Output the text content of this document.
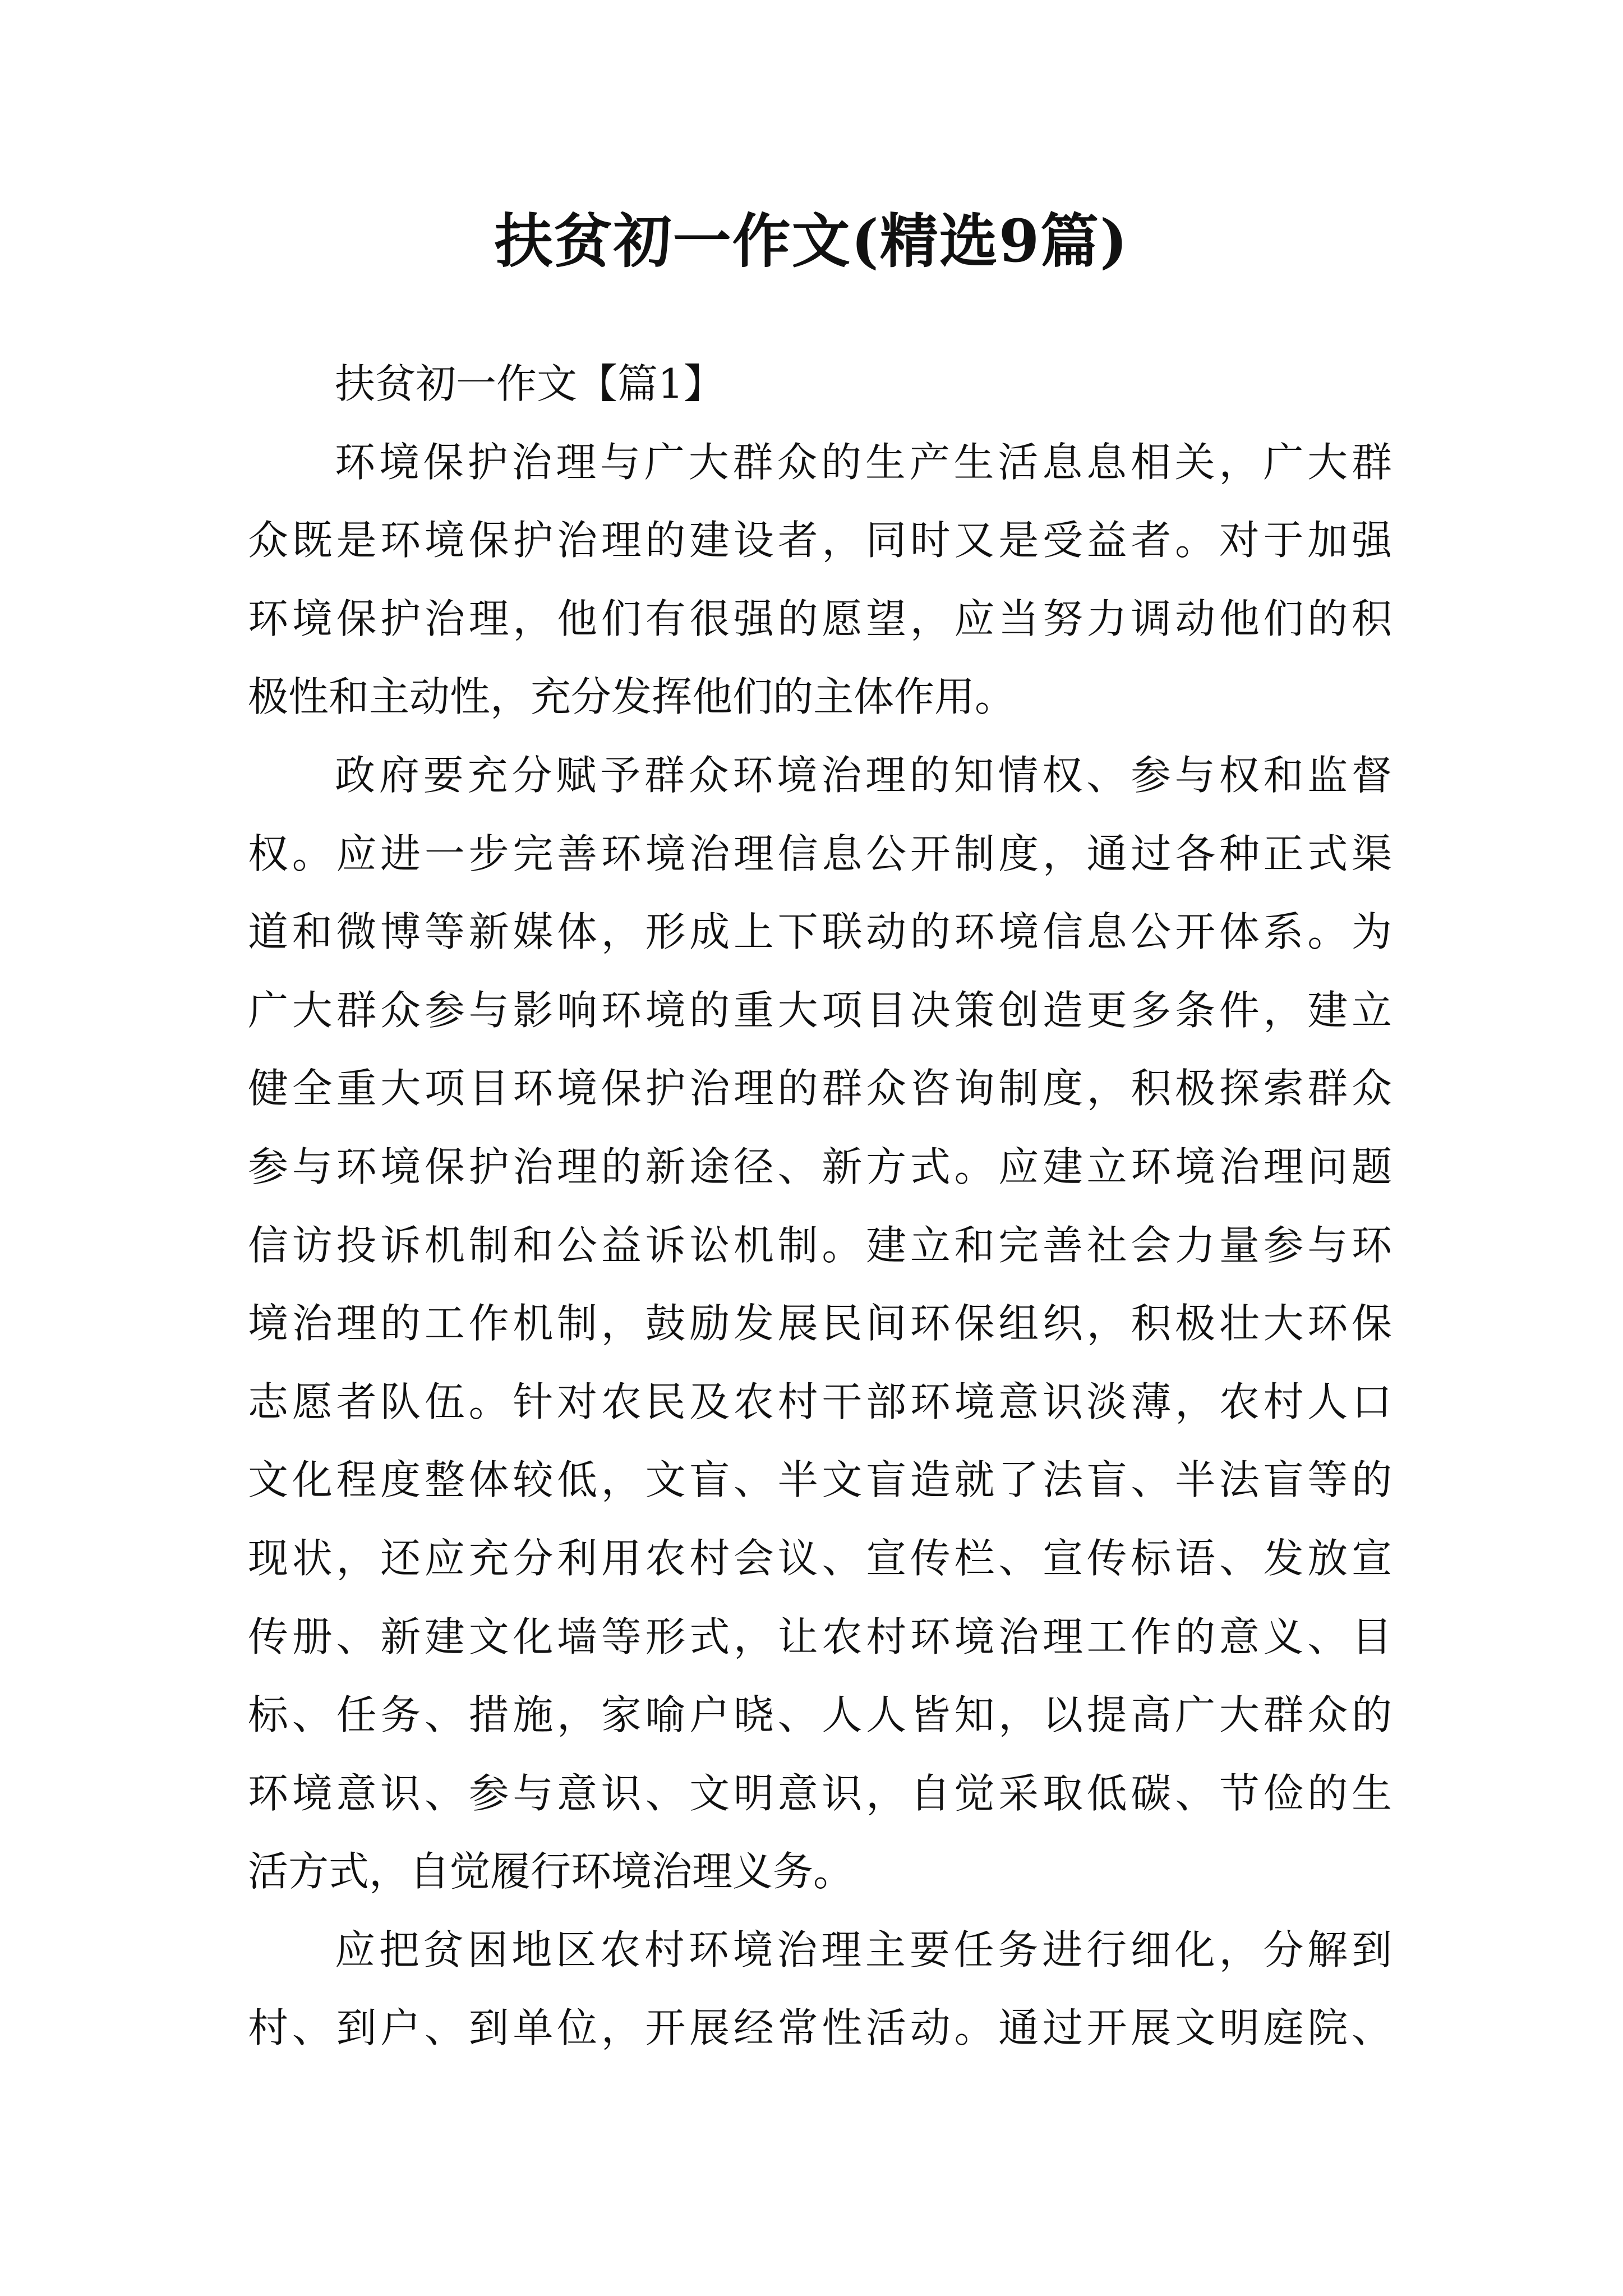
扶贫初一作文(精选9篇)
扶贫初一作文【篇1】
环境保护治理与广大群众的生产生活息息相关，广大群
众既是环境保护治理的建设者，同时又是受益者。对于加强
环境保护治理，他们有很强的愿望，应当努力调动他们的积
极性和主动性，充分发挥他们的主体作用。
政府要充分赋予群众环境治理的知情权、参与权和监督
权。应进一步完善环境治理信息公开制度，通过各种正式渠
道和微博等新媒体，形成上下联动的环境信息公开体系。为
广大群众参与影响环境的重大项目决策创造更多条件，建立
健全重大项目环境保护治理的群众咨询制度，积极探索群众
参与环境保护治理的新途径、新方式。应建立环境治理问题
信访投诉机制和公益诉讼机制。建立和完善社会力量参与环
境治理的工作机制，鼓励发展民间环保组织，积极壮大环保
志愿者队伍。针对农民及农村干部环境意识淡薄，农村人口
文化程度整体较低，文盲、半文盲造就了法盲、半法盲等的
现状，还应充分利用农村会议、宣传栏、宣传标语、发放宣
传册、新建文化墙等形式，让农村环境治理工作的意义、目
标、任务、措施，家喻户晓、人人皆知，以提高广大群众的
环境意识、参与意识、文明意识，自觉采取低碳、节俭的生
活方式，自觉履行环境治理义务。
应把贫困地区农村环境治理主要任务进行细化，分解到
村、到户、到单位，开展经常性活动。通过开展文明庭院、
